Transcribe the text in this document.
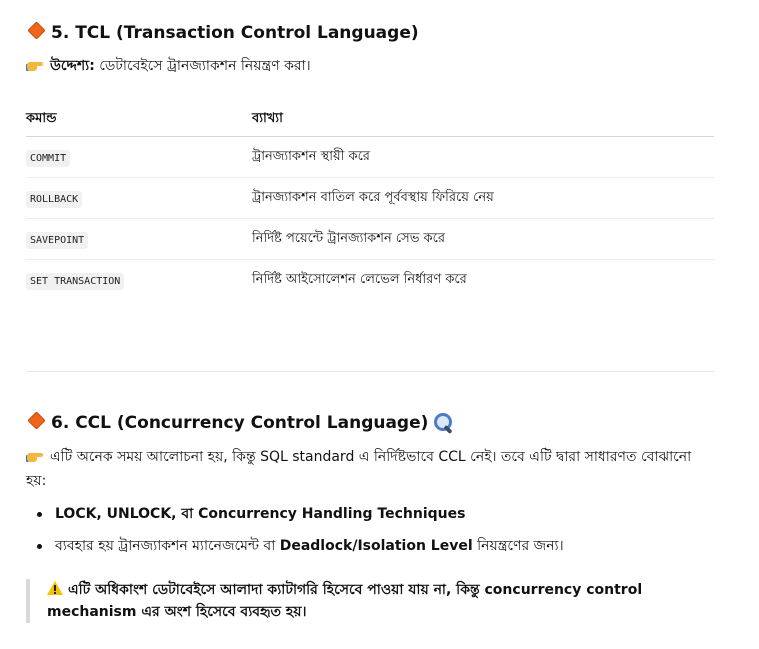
5. TCL (Transaction Control Language)
উদ্দেশ্য: ডেটাবেইসে ট্রানজ্যাকশন নিয়ন্ত্রণ করা।
কমান্ড	ব্যাখ্যা
COMMIT	ট্রানজ্যাকশন স্থায়ী করে
ROLLBACK	ট্রানজ্যাকশন বাতিল করে পূর্ববস্থায় ফিরিয়ে নেয়
SAVEPOINT	নির্দিষ্ট পয়েন্টে ট্রানজ্যাকশন সেভ করে
SET TRANSACTION	নির্দিষ্ট আইসোলেশন লেভেল নির্ধারণ করে
6. CCL (Concurrency Control Language)
এটি অনেক সময় আলোচনা হয়, কিন্তু SQL standard এ নির্দিষ্টভাবে CCL নেই। তবে এটি দ্বারা সাধারণত বোঝানো
হয়:
LOCK, UNLOCK, বা Concurrency Handling Techniques
ব্যবহার হয় ট্রানজ্যাকশন ম্যানেজমেন্ট বা Deadlock/Isolation Level নিয়ন্ত্রণের জন্য।
এটি অধিকাংশ ডেটাবেইসে আলাদা ক্যাটাগরি হিসেবে পাওয়া যায় না, কিন্তু concurrency control
mechanism এর অংশ হিসেবে ব্যবহৃত হয়।
